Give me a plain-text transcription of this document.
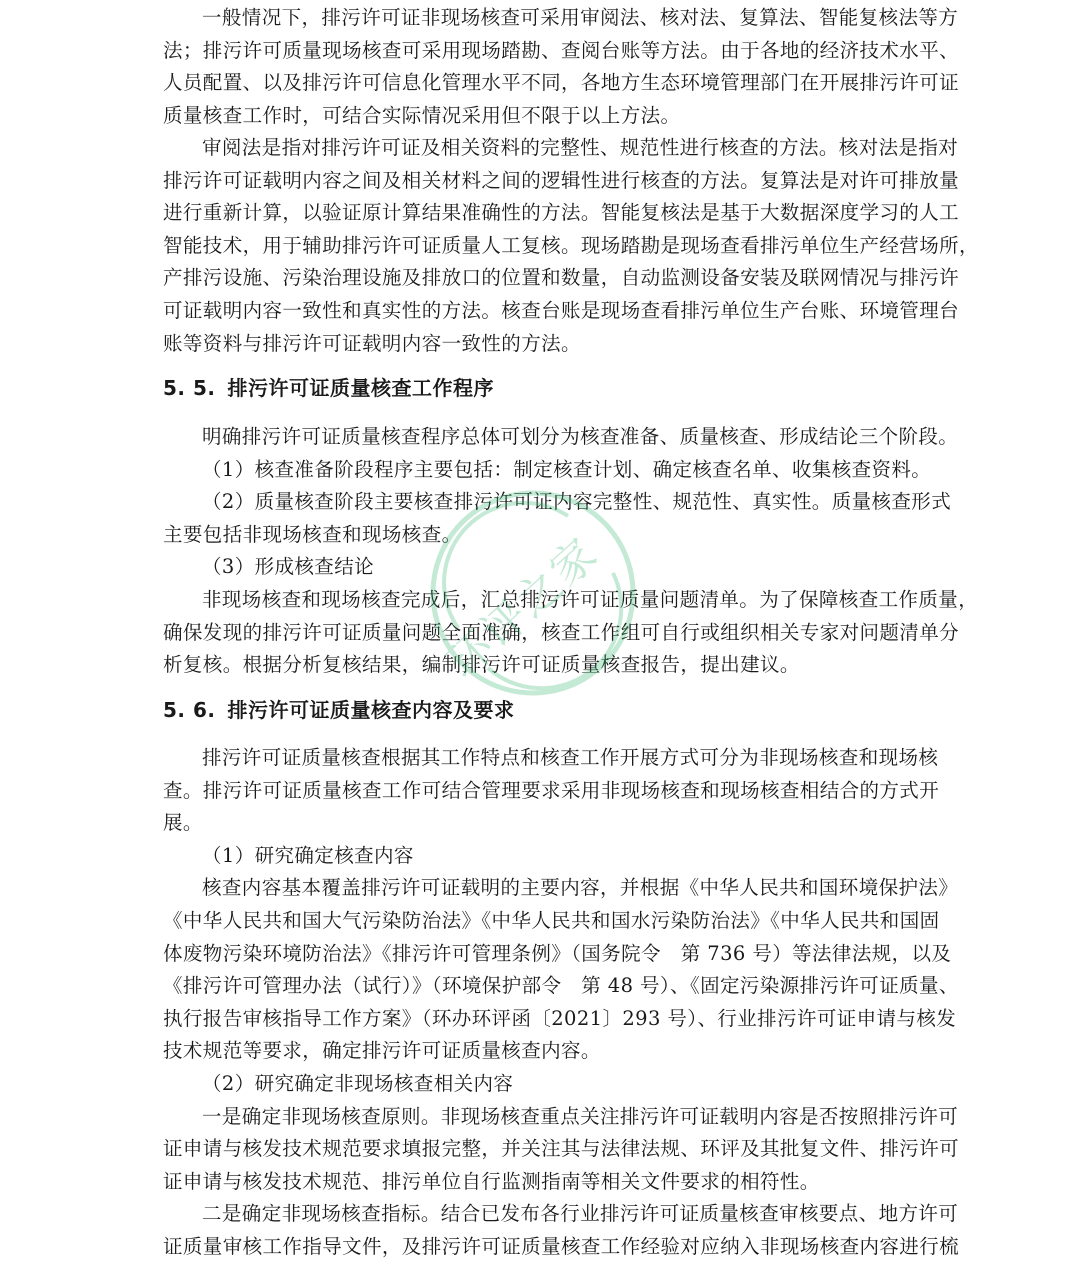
一般情况下，排污许可证非现场核查可采用审阅法、核对法、复算法、智能复核法等方
法；排污许可质量现场核查可采用现场踏勘、查阅台账等方法。由于各地的经济技术水平、
人员配置、以及排污许可信息化管理水平不同，各地方生态环境管理部门在开展排污许可证
质量核查工作时，可结合实际情况采用但不限于以上方法。
审阅法是指对排污许可证及相关资料的完整性、规范性进行核查的方法。核对法是指对
排污许可证载明内容之间及相关材料之间的逻辑性进行核查的方法。复算法是对许可排放量
进行重新计算，以验证原计算结果准确性的方法。智能复核法是基于大数据深度学习的人工
智能技术，用于辅助排污许可证质量人工复核。现场踏勘是现场查看排污单位生产经营场所，
产排污设施、污染治理设施及排放口的位置和数量，自动监测设备安装及联网情况与排污许
可证载明内容一致性和真实性的方法。核查台账是现场查看排污单位生产台账、环境管理台
账等资料与排污许可证载明内容一致性的方法。
5. 5. 排污许可证质量核查工作程序
明确排污许可证质量核查程序总体可划分为核查准备、质量核查、形成结论三个阶段。
（1）核查准备阶段程序主要包括：制定核查计划、确定核查名单、收集核查资料。
（2）质量核查阶段主要核查排污许可证内容完整性、规范性、真实性。质量核查形式
主要包括非现场核查和现场核查。
（3）形成核查结论
非现场核查和现场核查完成后，汇总排污许可证质量问题清单。为了保障核查工作质量，
确保发现的排污许可证质量问题全面准确，核查工作组可自行或组织相关专家对问题清单分
析复核。根据分析复核结果，编制排污许可证质量核查报告，提出建议。
5. 6. 排污许可证质量核查内容及要求
排污许可证质量核查根据其工作特点和核查工作开展方式可分为非现场核查和现场核
查。排污许可证质量核查工作可结合管理要求采用非现场核查和现场核查相结合的方式开
展。
（1）研究确定核查内容
核查内容基本覆盖排污许可证载明的主要内容，并根据《中华人民共和国环境保护法》
《中华人民共和国大气污染防治法》《中华人民共和国水污染防治法》《中华人民共和国固
体废物污染环境防治法》《排污许可管理条例》（国务院令　第 736 号）等法律法规，以及
《排污许可管理办法（试行）》（环境保护部令　第 48 号）、《固定污染源排污许可证质量、
执行报告审核指导工作方案》（环办环评函〔2021〕293 号）、行业排污许可证申请与核发
技术规范等要求，确定排污许可证质量核查内容。
（2）研究确定非现场核查相关内容
一是确定非现场核查原则。非现场核查重点关注排污许可证载明内容是否按照排污许可
证申请与核发技术规范要求填报完整，并关注其与法律法规、环评及其批复文件、排污许可
证申请与核发技术规范、排污单位自行监测指南等相关文件要求的相符性。
二是确定非现场核查指标。结合已发布各行业排污许可证质量核查审核要点、地方许可
证质量审核工作指导文件，及排污许可证质量核查工作经验对应纳入非现场核查内容进行梳
环评之家
